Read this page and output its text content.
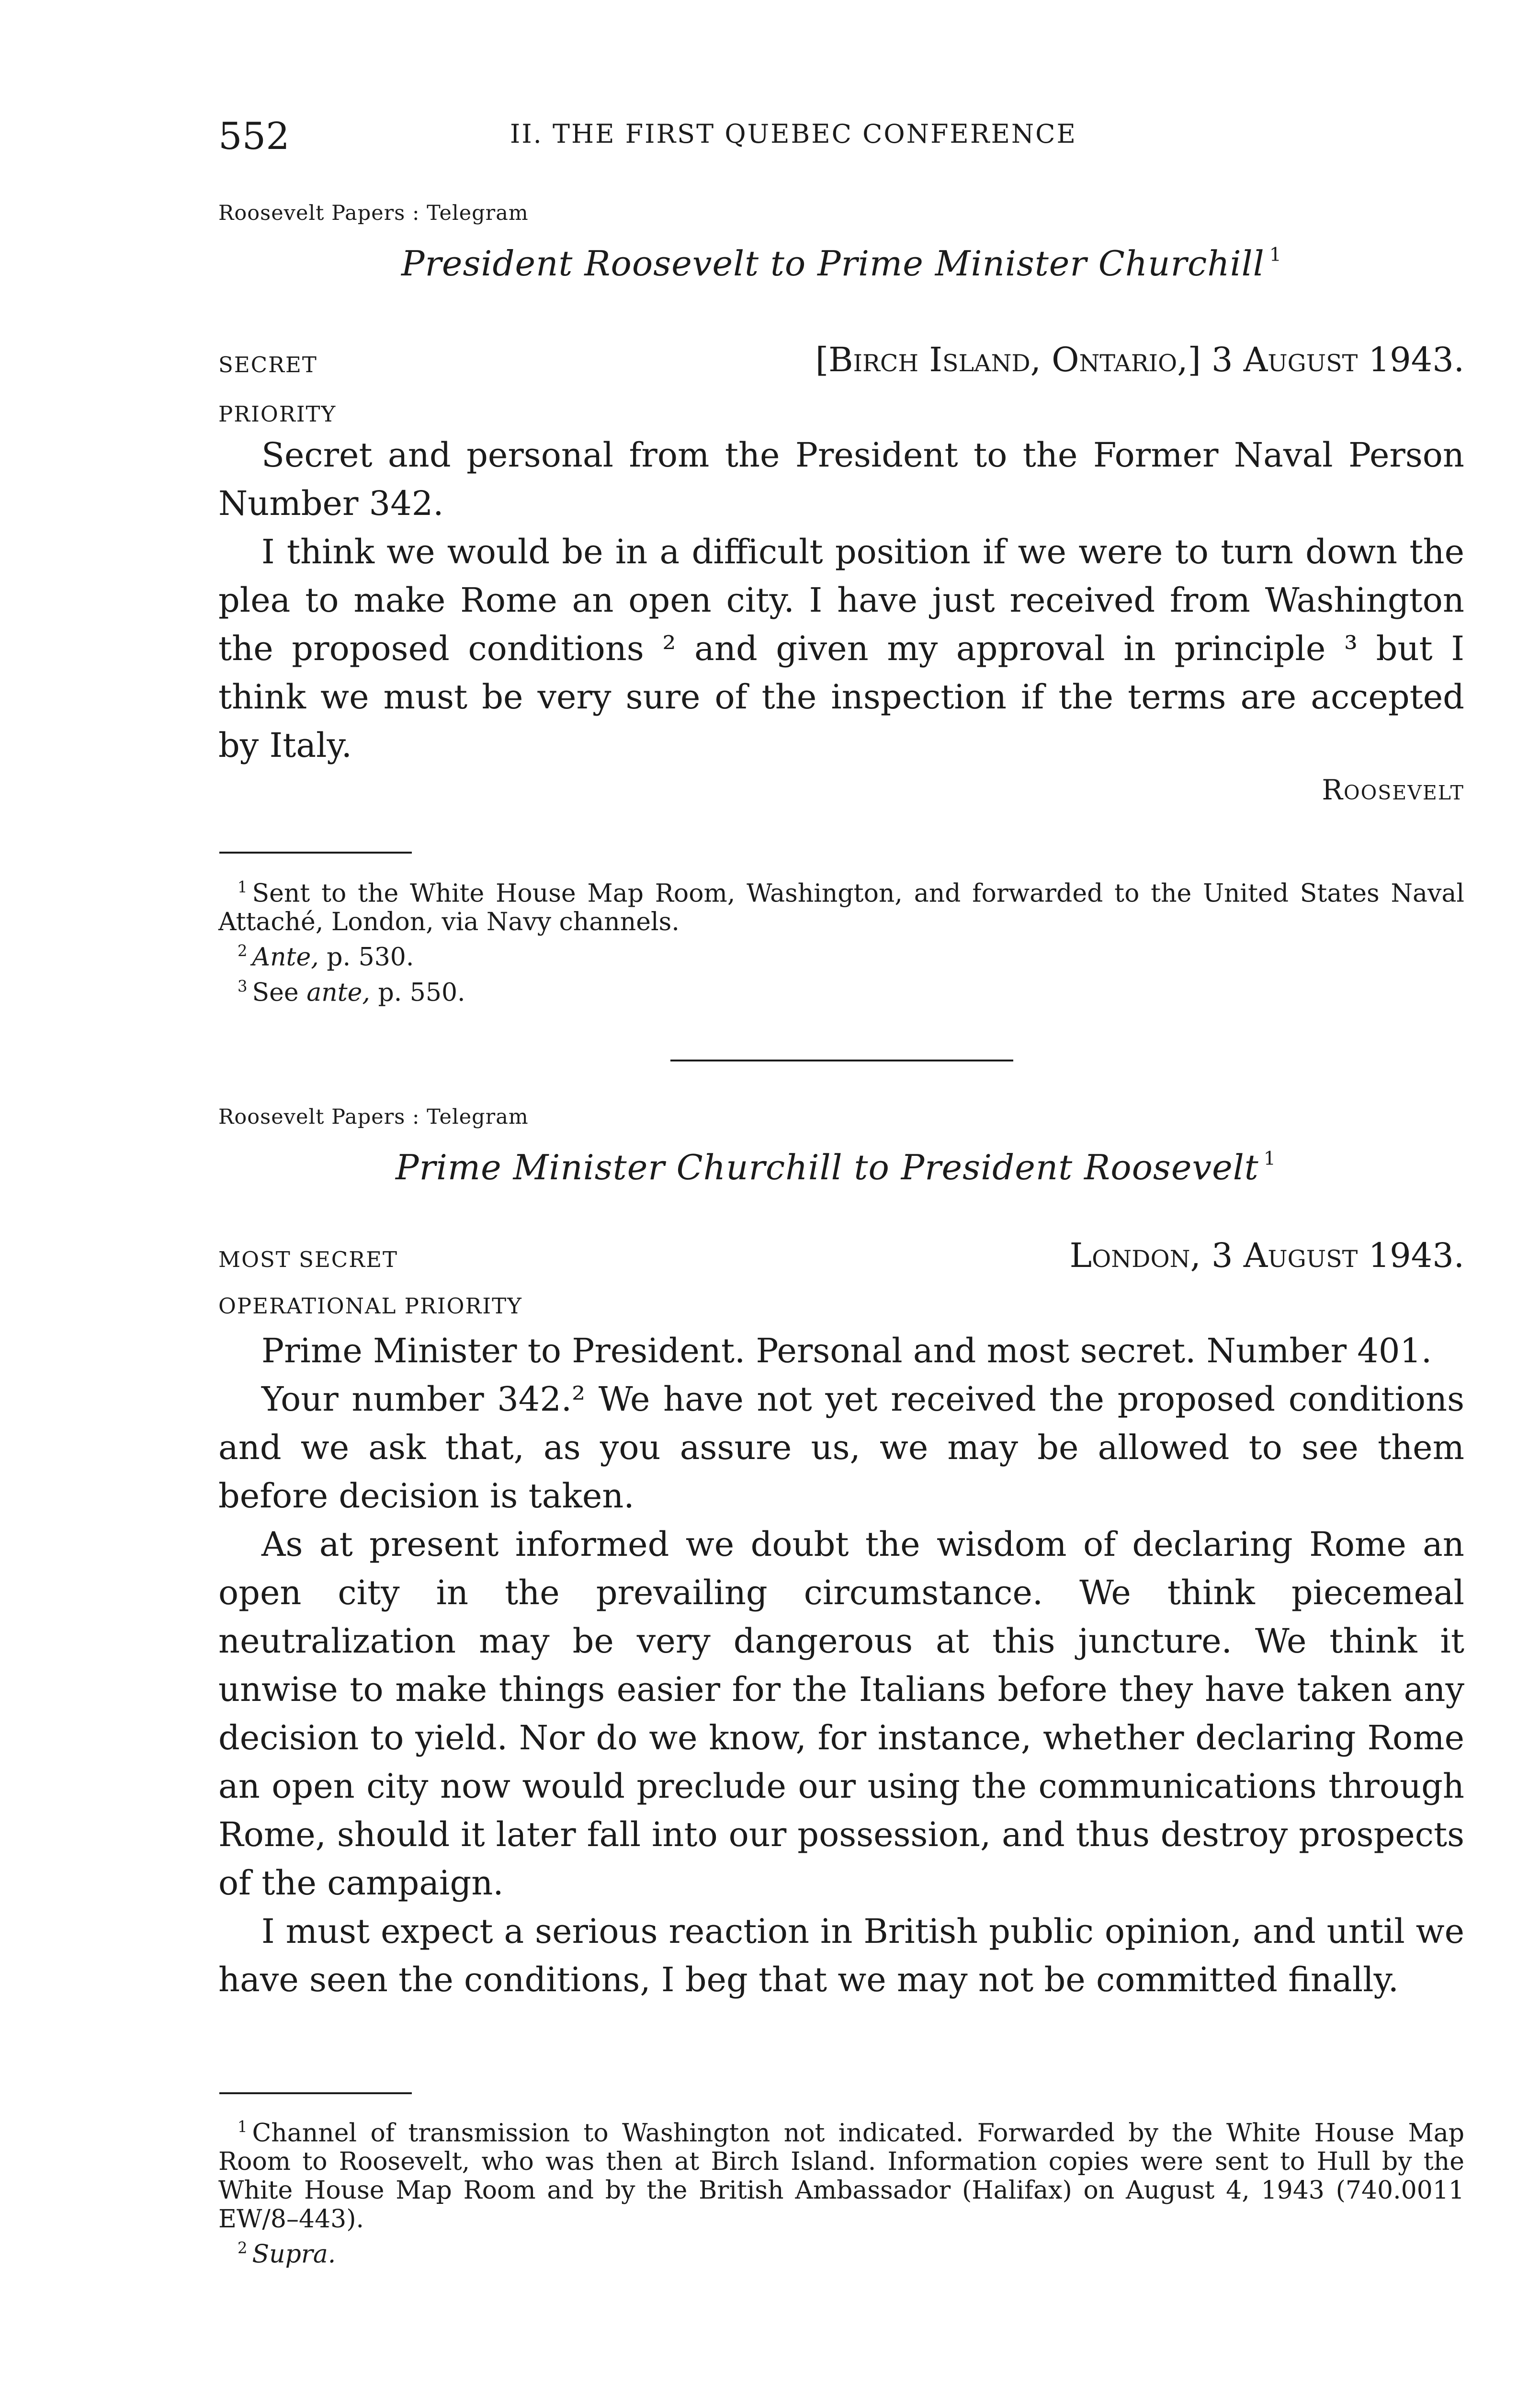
552	II. THE FIRST QUEBEC CONFERENCE
Roosevelt Papers : Telegram
President Roosevelt to Prime Minister Churchill $^1$
SECRET	[Birch Island, Ontario,] 3 August 1943.
PRIORITY

Secret and personal from the President to the Former Naval Person Number 342.

I think we would be in a difficult position if we were to turn down the plea to make Rome an open city. I have just received from Washington the proposed conditions ² and given my approval in principle ³ but I think we must be very sure of the inspection if the terms are accepted by Italy.

Roosevelt

$^1$ Sent to the White House Map Room, Washington, and forwarded to the United States Naval Attaché, London, via Navy channels.

$^2$ Ante, p. 530.

$^3$ See ante, p. 550.

Roosevelt Papers : Telegram
Prime Minister Churchill to President Roosevelt $^1$
MOST SECRET	London, 3 August 1943.
OPERATIONAL PRIORITY

Prime Minister to President. Personal and most secret. Number 401.

Your number 342.² We have not yet received the proposed conditions and we ask that, as you assure us, we may be allowed to see them before decision is taken.

As at present informed we doubt the wisdom of declaring Rome an open city in the prevailing circumstance. We think piecemeal neutralization may be very dangerous at this juncture. We think it unwise to make things easier for the Italians before they have taken any decision to yield. Nor do we know, for instance, whether declaring Rome an open city now would preclude our using the communications through Rome, should it later fall into our possession, and thus destroy prospects of the campaign.

I must expect a serious reaction in British public opinion, and until we have seen the conditions, I beg that we may not be committed finally.

$^1$ Channel of transmission to Washington not indicated. Forwarded by the White House Map Room to Roosevelt, who was then at Birch Island. Information copies were sent to Hull by the White House Map Room and by the British Ambassador (Halifax) on August 4, 1943 (740.0011 EW/8–443).

$^2$ Supra.
